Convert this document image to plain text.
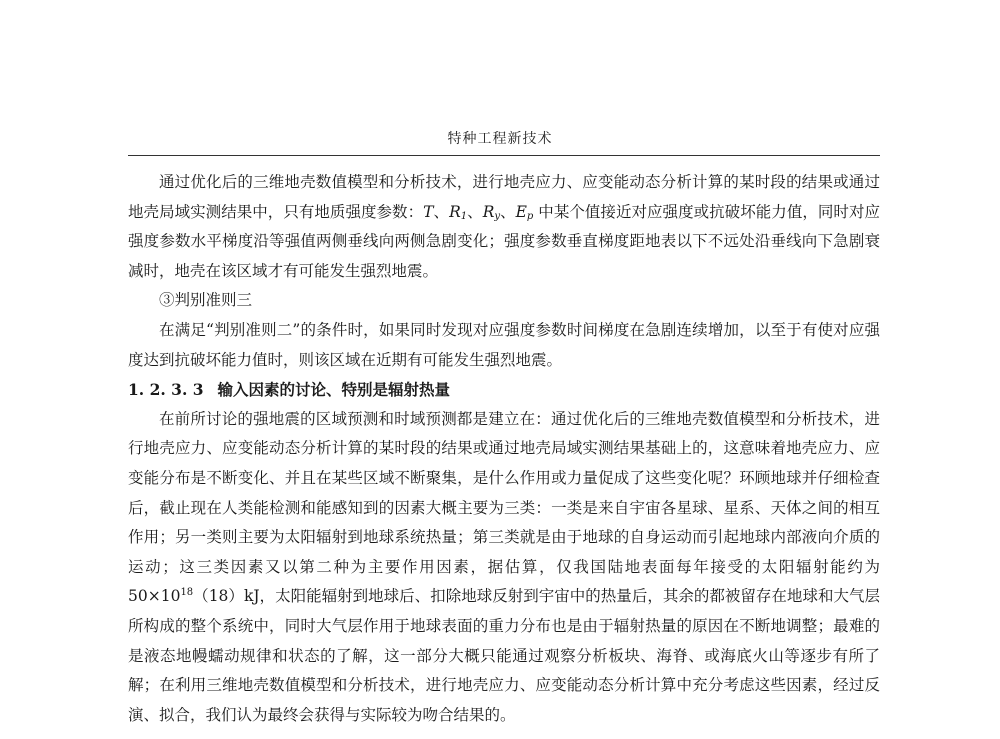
特种工程新技术

通过优化后的三维地壳数值模型和分析技术，进行地壳应力、应变能动态分析计算的某时段的结果或通过地壳局域实测结果中，只有地质强度参数：T、$R_1$、$R_y$、$E_p$ 中某个值接近对应强度或抗破坏能力值，同时对应强度参数水平梯度沿等强值两侧垂线向两侧急剧变化；强度参数垂直梯度距地表以下不远处沿垂线向下急剧衰减时，地壳在该区域才有可能发生强烈地震。

③判别准则三

在满足“判别准则二”的条件时，如果同时发现对应强度参数时间梯度在急剧连续增加，以至于有使对应强度达到抗破坏能力值时，则该区域在近期有可能发生强烈地震。

1. 2. 3. 3 输入因素的讨论、特别是辐射热量

在前所讨论的强地震的区域预测和时域预测都是建立在：通过优化后的三维地壳数值模型和分析技术，进行地壳应力、应变能动态分析计算的某时段的结果或通过地壳局域实测结果基础上的，这意味着地壳应力、应变能分布是不断变化、并且在某些区域不断聚集，是什么作用或力量促成了这些变化呢？环顾地球并仔细检查后，截止现在人类能检测和能感知到的因素大概主要为三类：一类是来自宇宙各星球、星系、天体之间的相互作用；另一类则主要为太阳辐射到地球系统热量；第三类就是由于地球的自身运动而引起地球内部液向介质的运动；这三类因素又以第二种为主要作用因素，据估算，仅我国陆地表面每年接受的太阳辐射能约为 $50\times 10^{18}(18)kJ$，太阳能辐射到地球后、扣除地球反射到宇宙中的热量后，其余的都被留存在地球和大气层所构成的整个系统中，同时大气层作用于地球表面的重力分布也是由于辐射热量的原因在不断地调整；最难的是液态地幔蠕动规律和状态的了解，这一部分大概只能通过观察分析板块、海脊、或海底火山等逐步有所了解；在利用三维地壳数值模型和分析技术，进行地壳应力、应变能动态分析计算中充分考虑这些因素，经过反演、拟合，我们认为最终会获得与实际较为吻合结果的。
